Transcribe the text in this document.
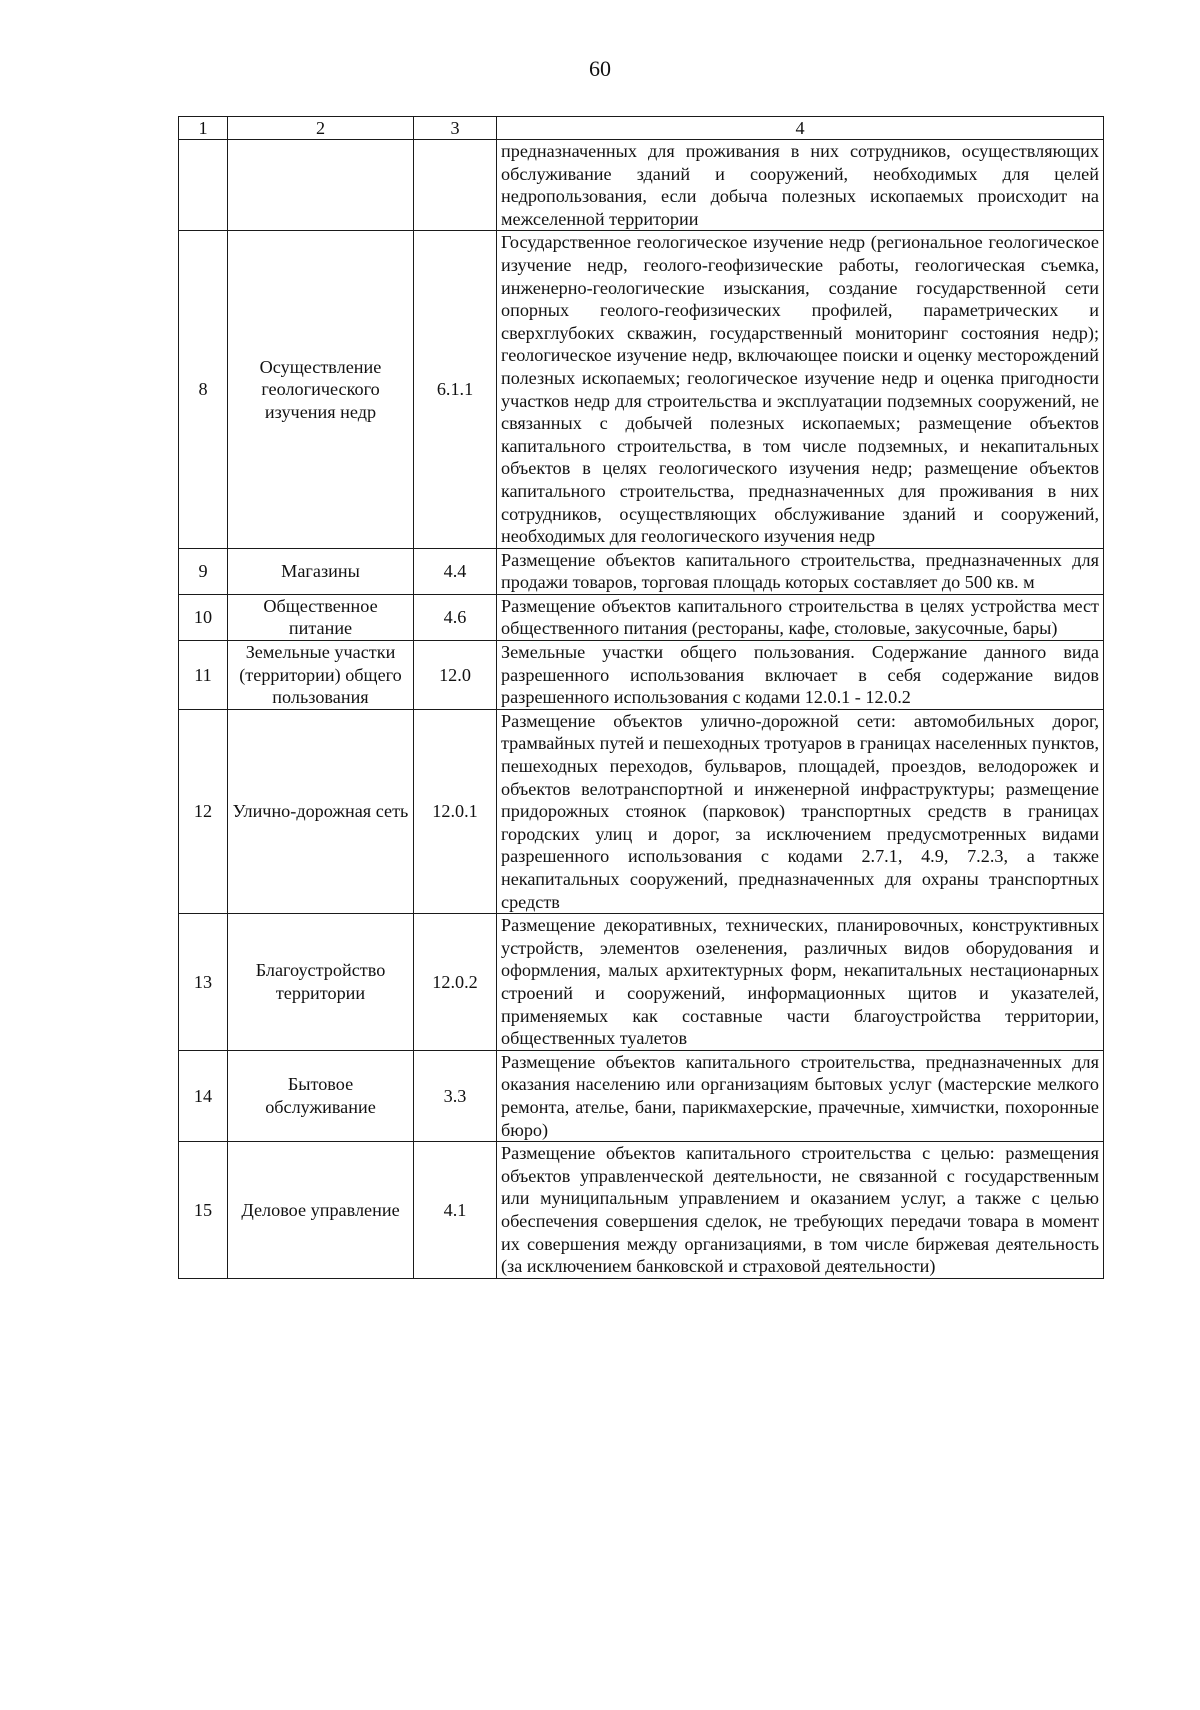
60
1	2	3	4
			предназначенных для проживания в них сотрудников, осуществляющих обслуживание зданий и сооружений, необходимых для целей недропользования, если добыча полезных ископаемых происходит на межселенной территории
8	Осуществление геологического изучения недр	6.1.1	Государственное геологическое изучение недр (региональное геологическое изучение недр, геолого-геофизические работы, геологическая съемка, инженерно-геологические изыскания, создание государственной сети опорных геолого-геофизических профилей, параметрических и сверхглубоких скважин, государственный мониторинг состояния недр); геологическое изучение недр, включающее поиски и оценку месторождений полезных ископаемых; геологическое изучение недр и оценка пригодности участков недр для строительства и эксплуатации подземных сооружений, не связанных с добычей полезных ископаемых; размещение объектов капитального строительства, в том числе подземных, и некапитальных объектов в целях геологического изучения недр; размещение объектов капитального строительства, предназначенных для проживания в них сотрудников, осуществляющих обслуживание зданий и сооружений, необходимых для геологического изучения недр
9	Магазины	4.4	Размещение объектов капитального строительства, предназначенных для продажи товаров, торговая площадь которых составляет до 500 кв. м
10	Общественное питание	4.6	Размещение объектов капитального строительства в целях устройства мест общественного питания (рестораны, кафе, столовые, закусочные, бары)
11	Земельные участки (территории) общего пользования	12.0	Земельные участки общего пользования. Содержание данного вида разрешенного использования включает в себя содержание видов разрешенного использования с кодами 12.0.1 - 12.0.2
12	Улично-дорожная сеть	12.0.1	Размещение объектов улично-дорожной сети: автомобильных дорог, трамвайных путей и пешеходных тротуаров в границах населенных пунктов, пешеходных переходов, бульваров, площадей, проездов, велодорожек и объектов велотранспортной и инженерной инфраструктуры; размещение придорожных стоянок (парковок) транспортных средств в границах городских улиц и дорог, за исключением предусмотренных видами разрешенного использования с кодами 2.7.1, 4.9, 7.2.3, а также некапитальных сооружений, предназначенных для охраны транспортных средств
13	Благоустройство территории	12.0.2	Размещение декоративных, технических, планировочных, конструктивных устройств, элементов озеленения, различных видов оборудования и оформления, малых архитектурных форм, некапитальных нестационарных строений и сооружений, информационных щитов и указателей, применяемых как составные части благоустройства территории, общественных туалетов
14	Бытовое обслуживание	3.3	Размещение объектов капитального строительства, предназначенных для оказания населению или организациям бытовых услуг (мастерские мелкого ремонта, ателье, бани, парикмахерские, прачечные, химчистки, похоронные бюро)
15	Деловое управление	4.1	Размещение объектов капитального строительства с целью: размещения объектов управленческой деятельности, не связанной с государственным или муниципальным управлением и оказанием услуг, а также с целью обеспечения совершения сделок, не требующих передачи товара в момент их совершения между организациями, в том числе биржевая деятельность (за исключением банковской и страховой деятельности)
